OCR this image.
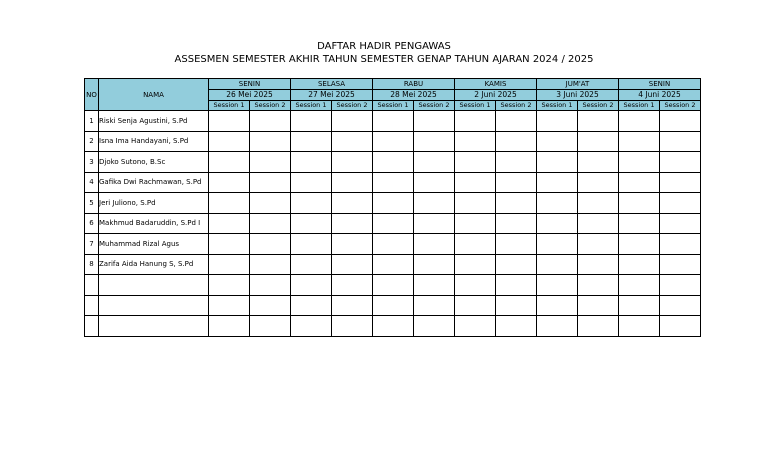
DAFTAR HADIR PENGAWAS
ASSESMEN SEMESTER AKHIR TAHUN SEMESTER GENAP TAHUN AJARAN 2024 / 2025
NO	NAMA	SENIN		SELASA		RABU		KAMIS		JUM'AT		SENIN	
		26 Mei 2025		27 Mei 2025		28 Mei 2025		2 Juni 2025		3 Juni 2025		4 Juni 2025	
		Session 1	Session 2	Session 1	Session 2	Session 1	Session 2	Session 1	Session 2	Session 1	Session 2	Session 1	Session 2
1	Riski Senja Agustini, S.Pd												
2	Isna Ima Handayani, S.Pd												
3	Djoko Sutono, B.Sc												
4	Gafika Dwi Rachmawan, S.Pd												
5	Jeri Juliono, S.Pd												
6	Makhmud Badaruddin, S.Pd I												
7	Muhammad Rizal Agus												
8	Zarifa Aida Hanung S, S.Pd												
